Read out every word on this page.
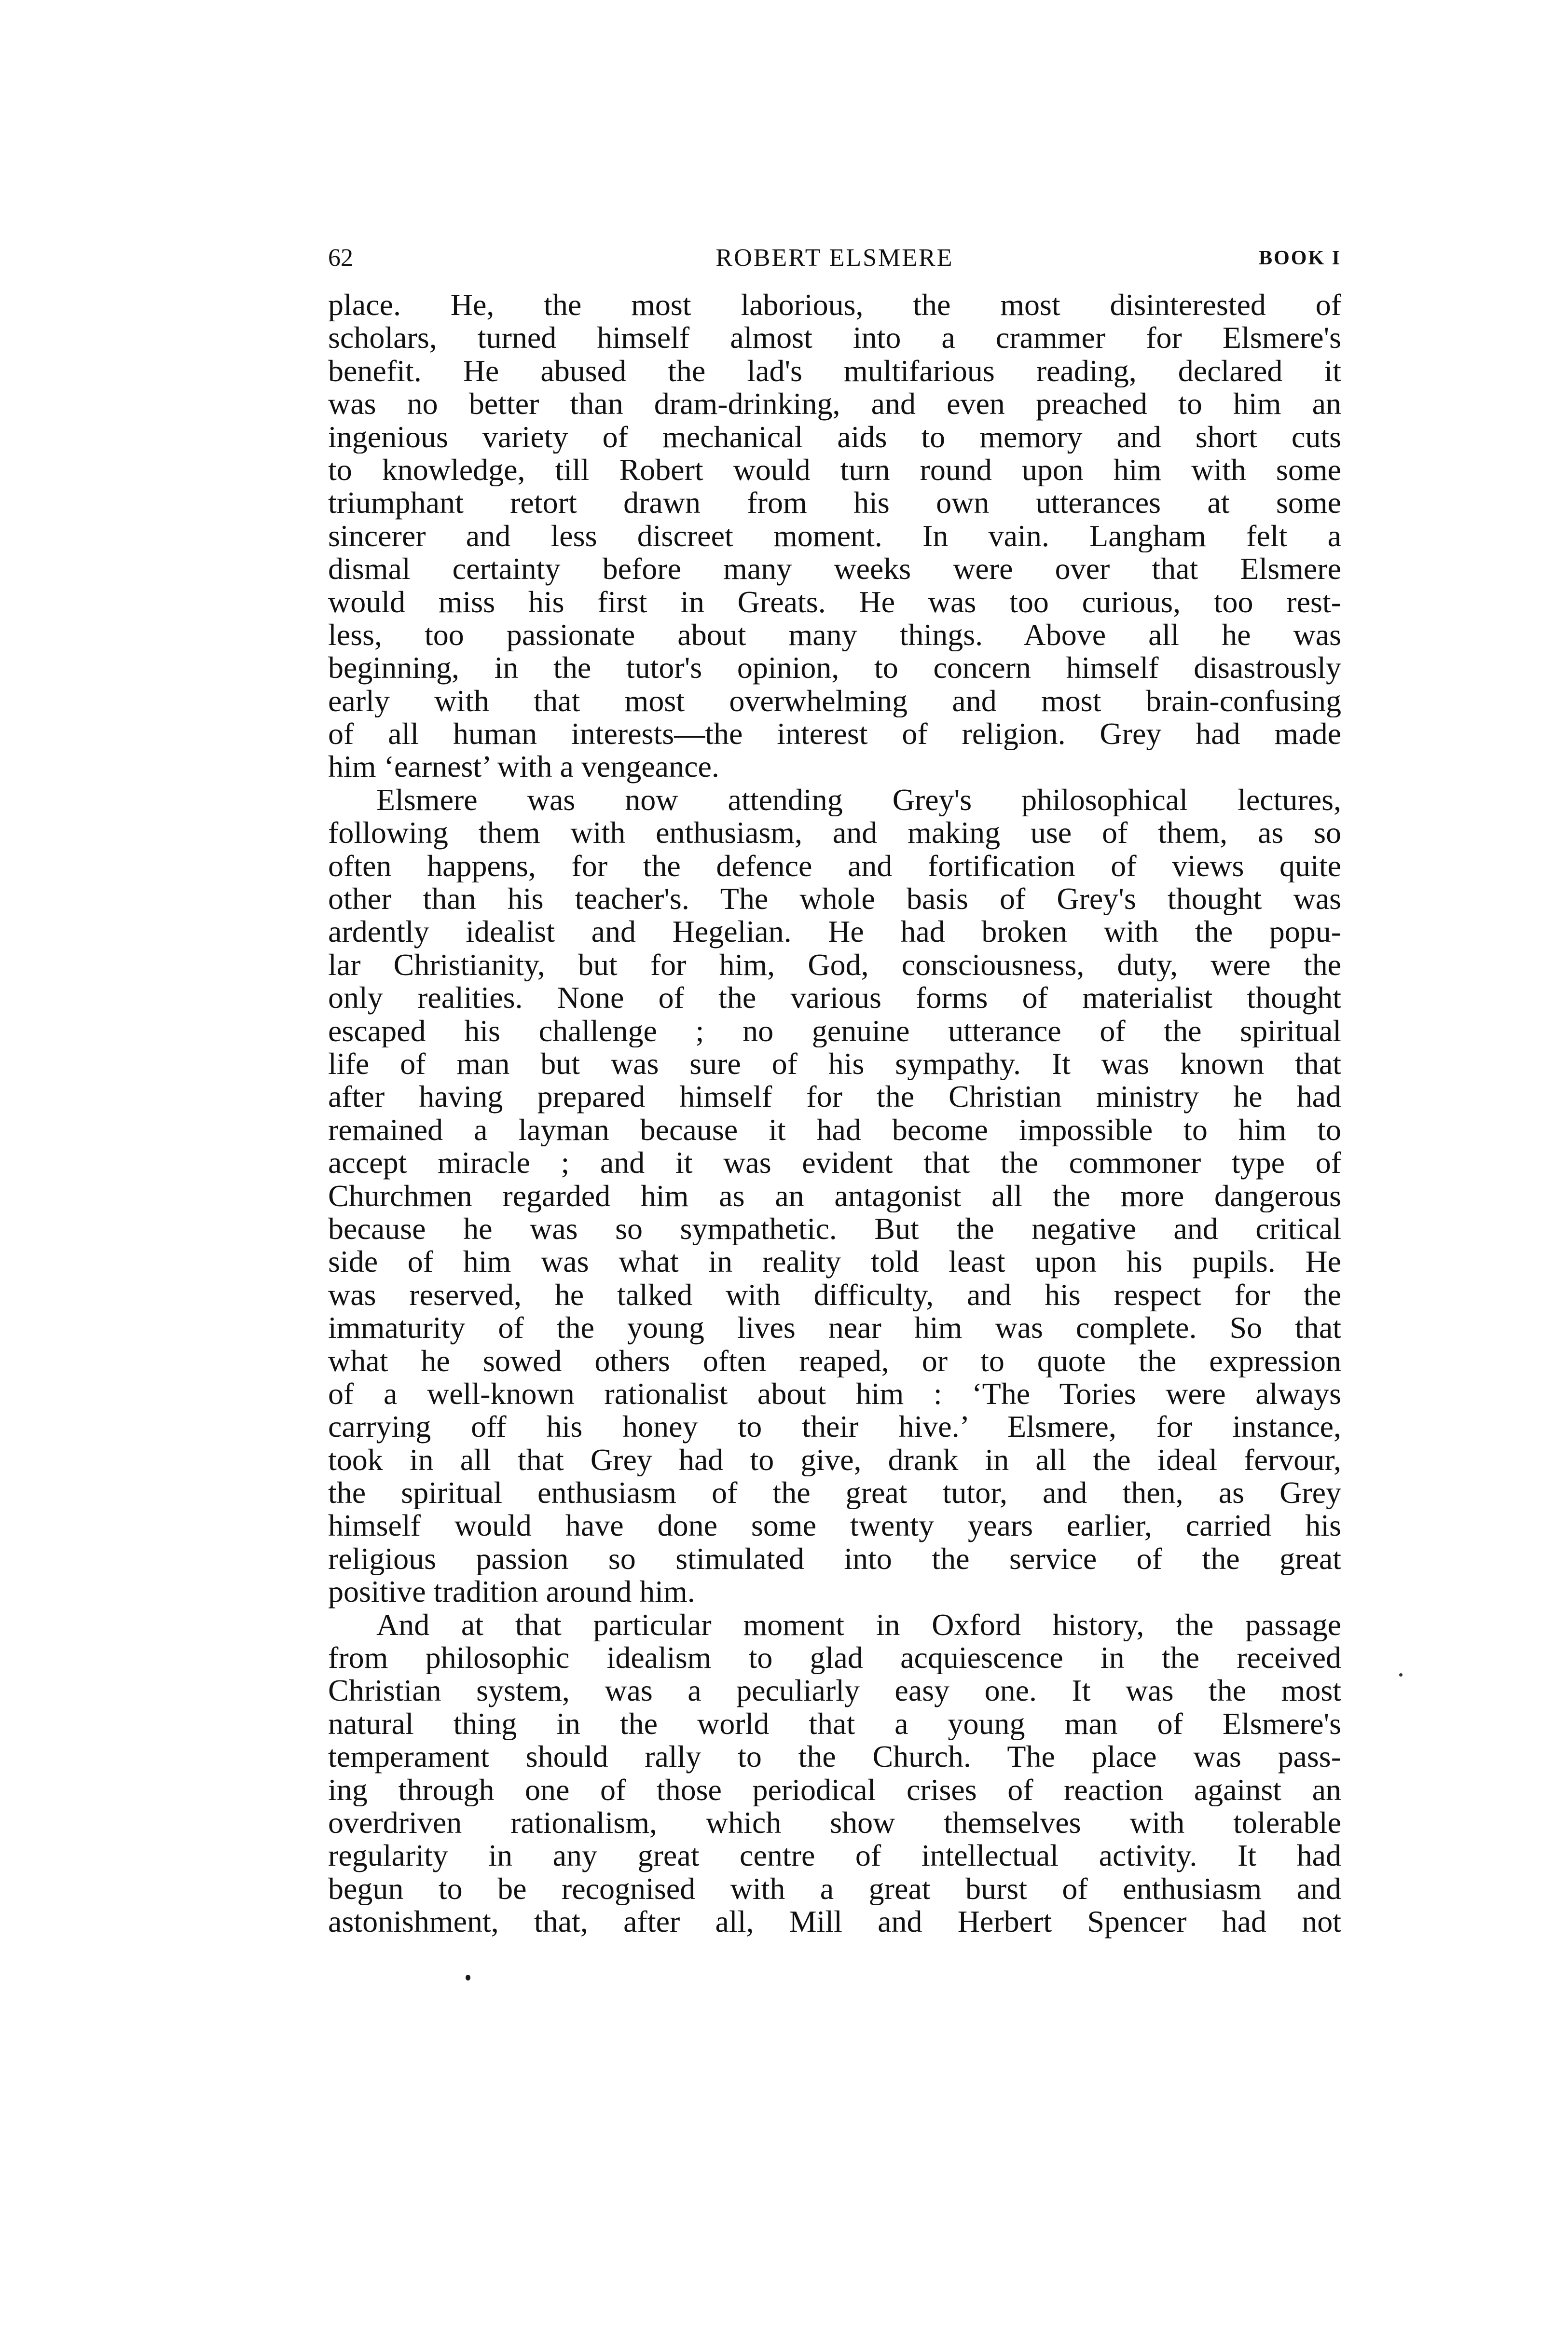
62	ROBERT ELSMERE	BOOK I
place. He, the most laborious, the most disinterested of
scholars, turned himself almost into a crammer for Elsmere's
benefit. He abused the lad's multifarious reading, declared it
was no better than dram-drinking, and even preached to him an
ingenious variety of mechanical aids to memory and short cuts
to knowledge, till Robert would turn round upon him with some
triumphant retort drawn from his own utterances at some
sincerer and less discreet moment. In vain. Langham felt a
dismal certainty before many weeks were over that Elsmere
would miss his first in Greats. He was too curious, too rest-
less, too passionate about many things. Above all he was
beginning, in the tutor's opinion, to concern himself disastrously
early with that most overwhelming and most brain-confusing
of all human interests—the interest of religion. Grey had made
him ‘earnest’ with a vengeance.
Elsmere was now attending Grey's philosophical lectures,
following them with enthusiasm, and making use of them, as so
often happens, for the defence and fortification of views quite
other than his teacher's. The whole basis of Grey's thought was
ardently idealist and Hegelian. He had broken with the popu-
lar Christianity, but for him, God, consciousness, duty, were the
only realities. None of the various forms of materialist thought
escaped his challenge ; no genuine utterance of the spiritual
life of man but was sure of his sympathy. It was known that
after having prepared himself for the Christian ministry he had
remained a layman because it had become impossible to him to
accept miracle ; and it was evident that the commoner type of
Churchmen regarded him as an antagonist all the more dangerous
because he was so sympathetic. But the negative and critical
side of him was what in reality told least upon his pupils. He
was reserved, he talked with difficulty, and his respect for the
immaturity of the young lives near him was complete. So that
what he sowed others often reaped, or to quote the expression
of a well-known rationalist about him : ‘The Tories were always
carrying off his honey to their hive.’ Elsmere, for instance,
took in all that Grey had to give, drank in all the ideal fervour,
the spiritual enthusiasm of the great tutor, and then, as Grey
himself would have done some twenty years earlier, carried his
religious passion so stimulated into the service of the great
positive tradition around him.
And at that particular moment in Oxford history, the passage
from philosophic idealism to glad acquiescence in the received
Christian system, was a peculiarly easy one. It was the most
natural thing in the world that a young man of Elsmere's
temperament should rally to the Church. The place was pass-
ing through one of those periodical crises of reaction against an
overdriven rationalism, which show themselves with tolerable
regularity in any great centre of intellectual activity. It had
begun to be recognised with a great burst of enthusiasm and
astonishment, that, after all, Mill and Herbert Spencer had not
